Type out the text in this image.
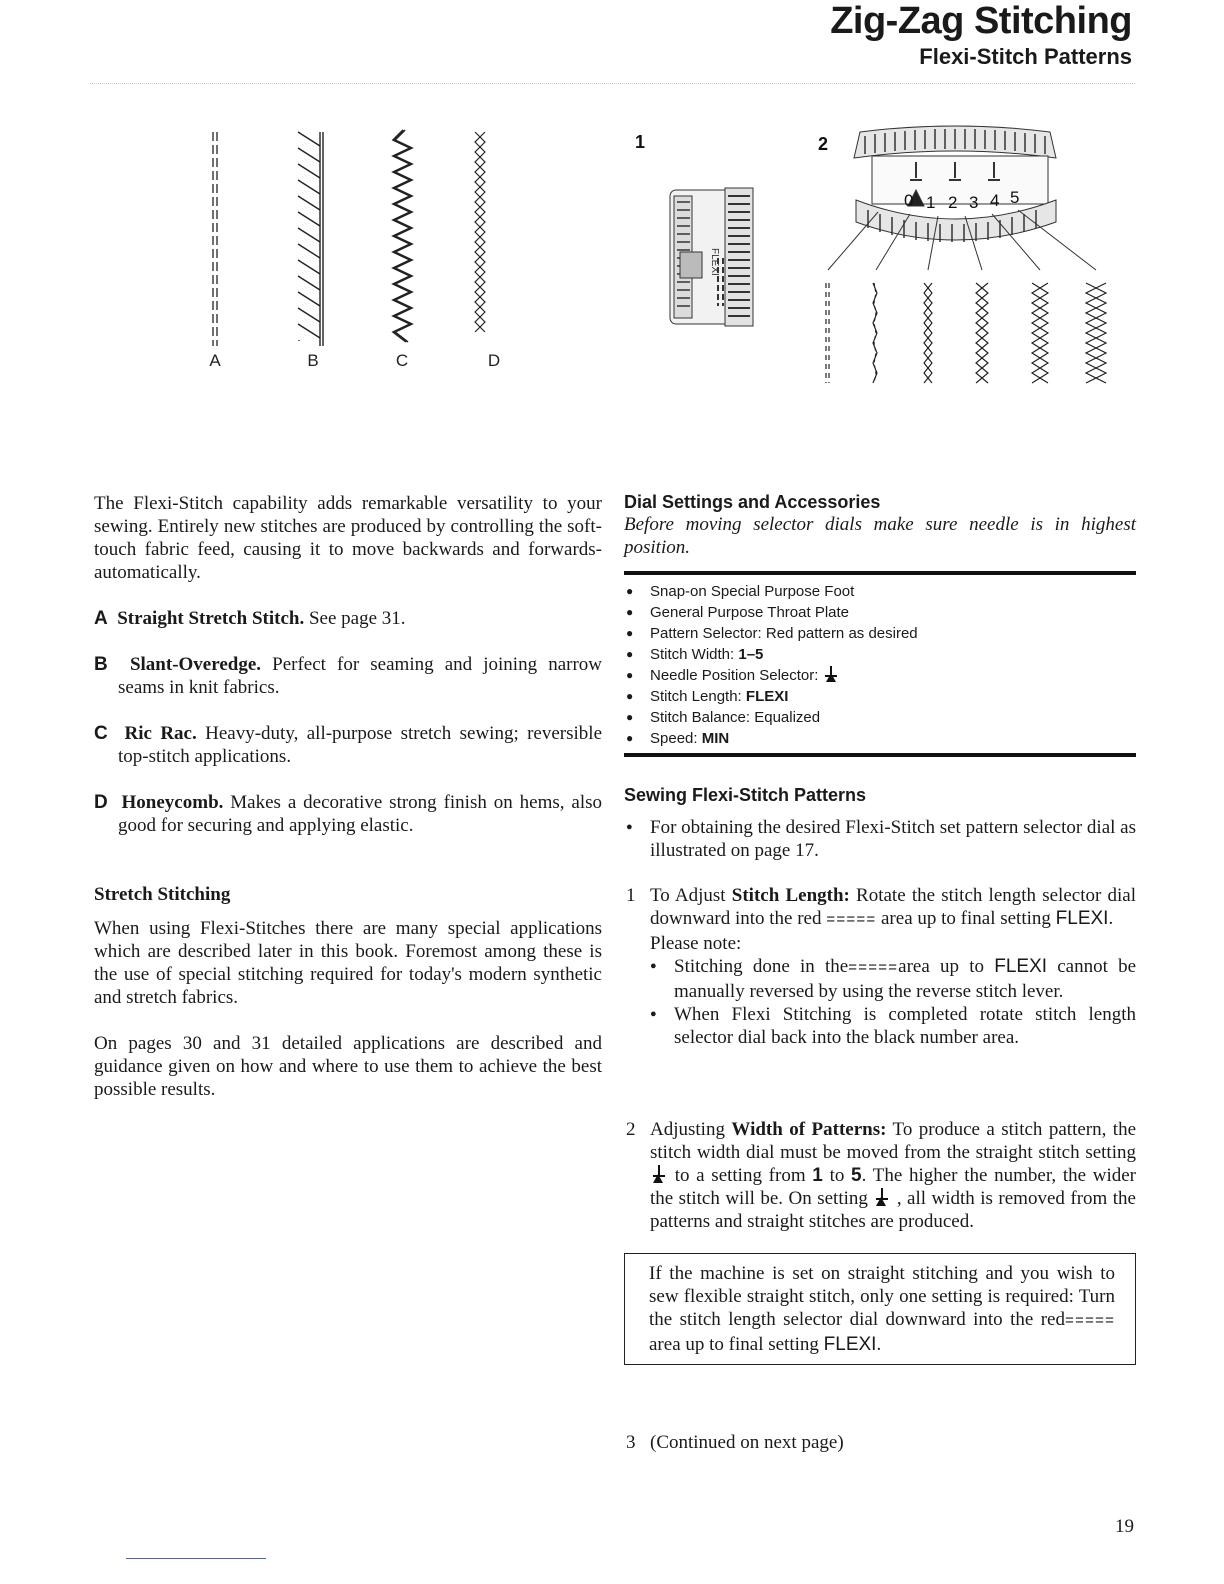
Zig-Zag Stitching
Flexi-Stitch Patterns
A	B	C	D
1	2
FLEXI
0 1 2 3 4 5

The Flexi-Stitch capability adds remarkable versatility to your sewing. Entirely new stitches are produced by controlling the soft-touch fabric feed, causing it to move backwards and forwards-automatically.

A Straight Stretch Stitch. See page 31.

B Slant-Overedge. Perfect for seaming and joining narrow seams in knit fabrics.

C Ric Rac. Heavy-duty, all-purpose stretch sewing; reversible top-stitch applications.

D Honeycomb. Makes a decorative strong finish on hems, also good for securing and applying elastic.

Stretch Stitching

When using Flexi-Stitches there are many special applications which are described later in this book. Foremost among these is the use of special stitching required for today's modern synthetic and stretch fabrics.

On pages 30 and 31 detailed applications are described and guidance given on how and where to use them to achieve the best possible results.

Dial Settings and Accessories

Before moving selector dials make sure needle is in highest position.

● Snap-on Special Purpose Foot
● General Purpose Throat Plate
● Pattern Selector: Red pattern as desired
● Stitch Width: 1–5
● Needle Position Selector:
● Stitch Length: FLEXI
● Stitch Balance: Equalized
● Speed: MIN

Sewing Flexi-Stitch Patterns

● For obtaining the desired Flexi-Stitch set pattern selector dial as illustrated on page 17.

1 To Adjust Stitch Length: Rotate the stitch length selector dial downward into the red ===== area up to final setting FLEXI.

Please note:

● Stitching done in the=====area up to FLEXI cannot be manually reversed by using the reverse stitch lever.

● When Flexi Stitching is completed rotate stitch length selector dial back into the black number area.

2 Adjusting Width of Patterns: To produce a stitch pattern, the stitch width dial must be moved from the straight stitch setting  to a setting from 1 to 5. The higher the number, the wider the stitch will be. On setting  , all width is removed from the patterns and straight stitches are produced.
If the machine is set on straight stitching and you wish to sew flexible straight stitch, only one setting is required: Turn the stitch length selector dial downward into the red===== area up to final setting FLEXI.
3 (Continued on next page)
19
